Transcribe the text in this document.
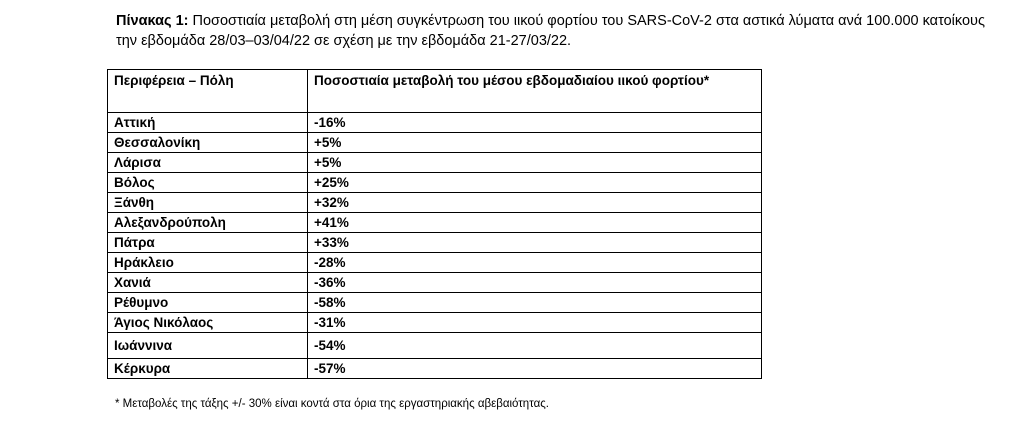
Πίνακας 1: Ποσοστιαία μεταβολή στη μέση συγκέντρωση του ιικού φορτίου του SARS-CoV-2 στα αστικά λύματα ανά 100.000 κατοίκους την εβδομάδα 28/03–03/04/22 σε σχέση με την εβδομάδα 21-27/03/22.
Περιφέρεια – Πόλη	Ποσοστιαία μεταβολή του μέσου εβδομαδιαίου ιικού φορτίου*
Αττική	-16%
Θεσσαλονίκη	+5%
Λάρισα	+5%
Βόλος	+25%
Ξάνθη	+32%
Αλεξανδρούπολη	+41%
Πάτρα	+33%
Ηράκλειο	-28%
Χανιά	-36%
Ρέθυμνο	-58%
Άγιος Νικόλαος	-31%
Ιωάννινα	-54%
Κέρκυρα	-57%
* Μεταβολές της τάξης +/- 30% είναι κοντά στα όρια της εργαστηριακής αβεβαιότητας.
